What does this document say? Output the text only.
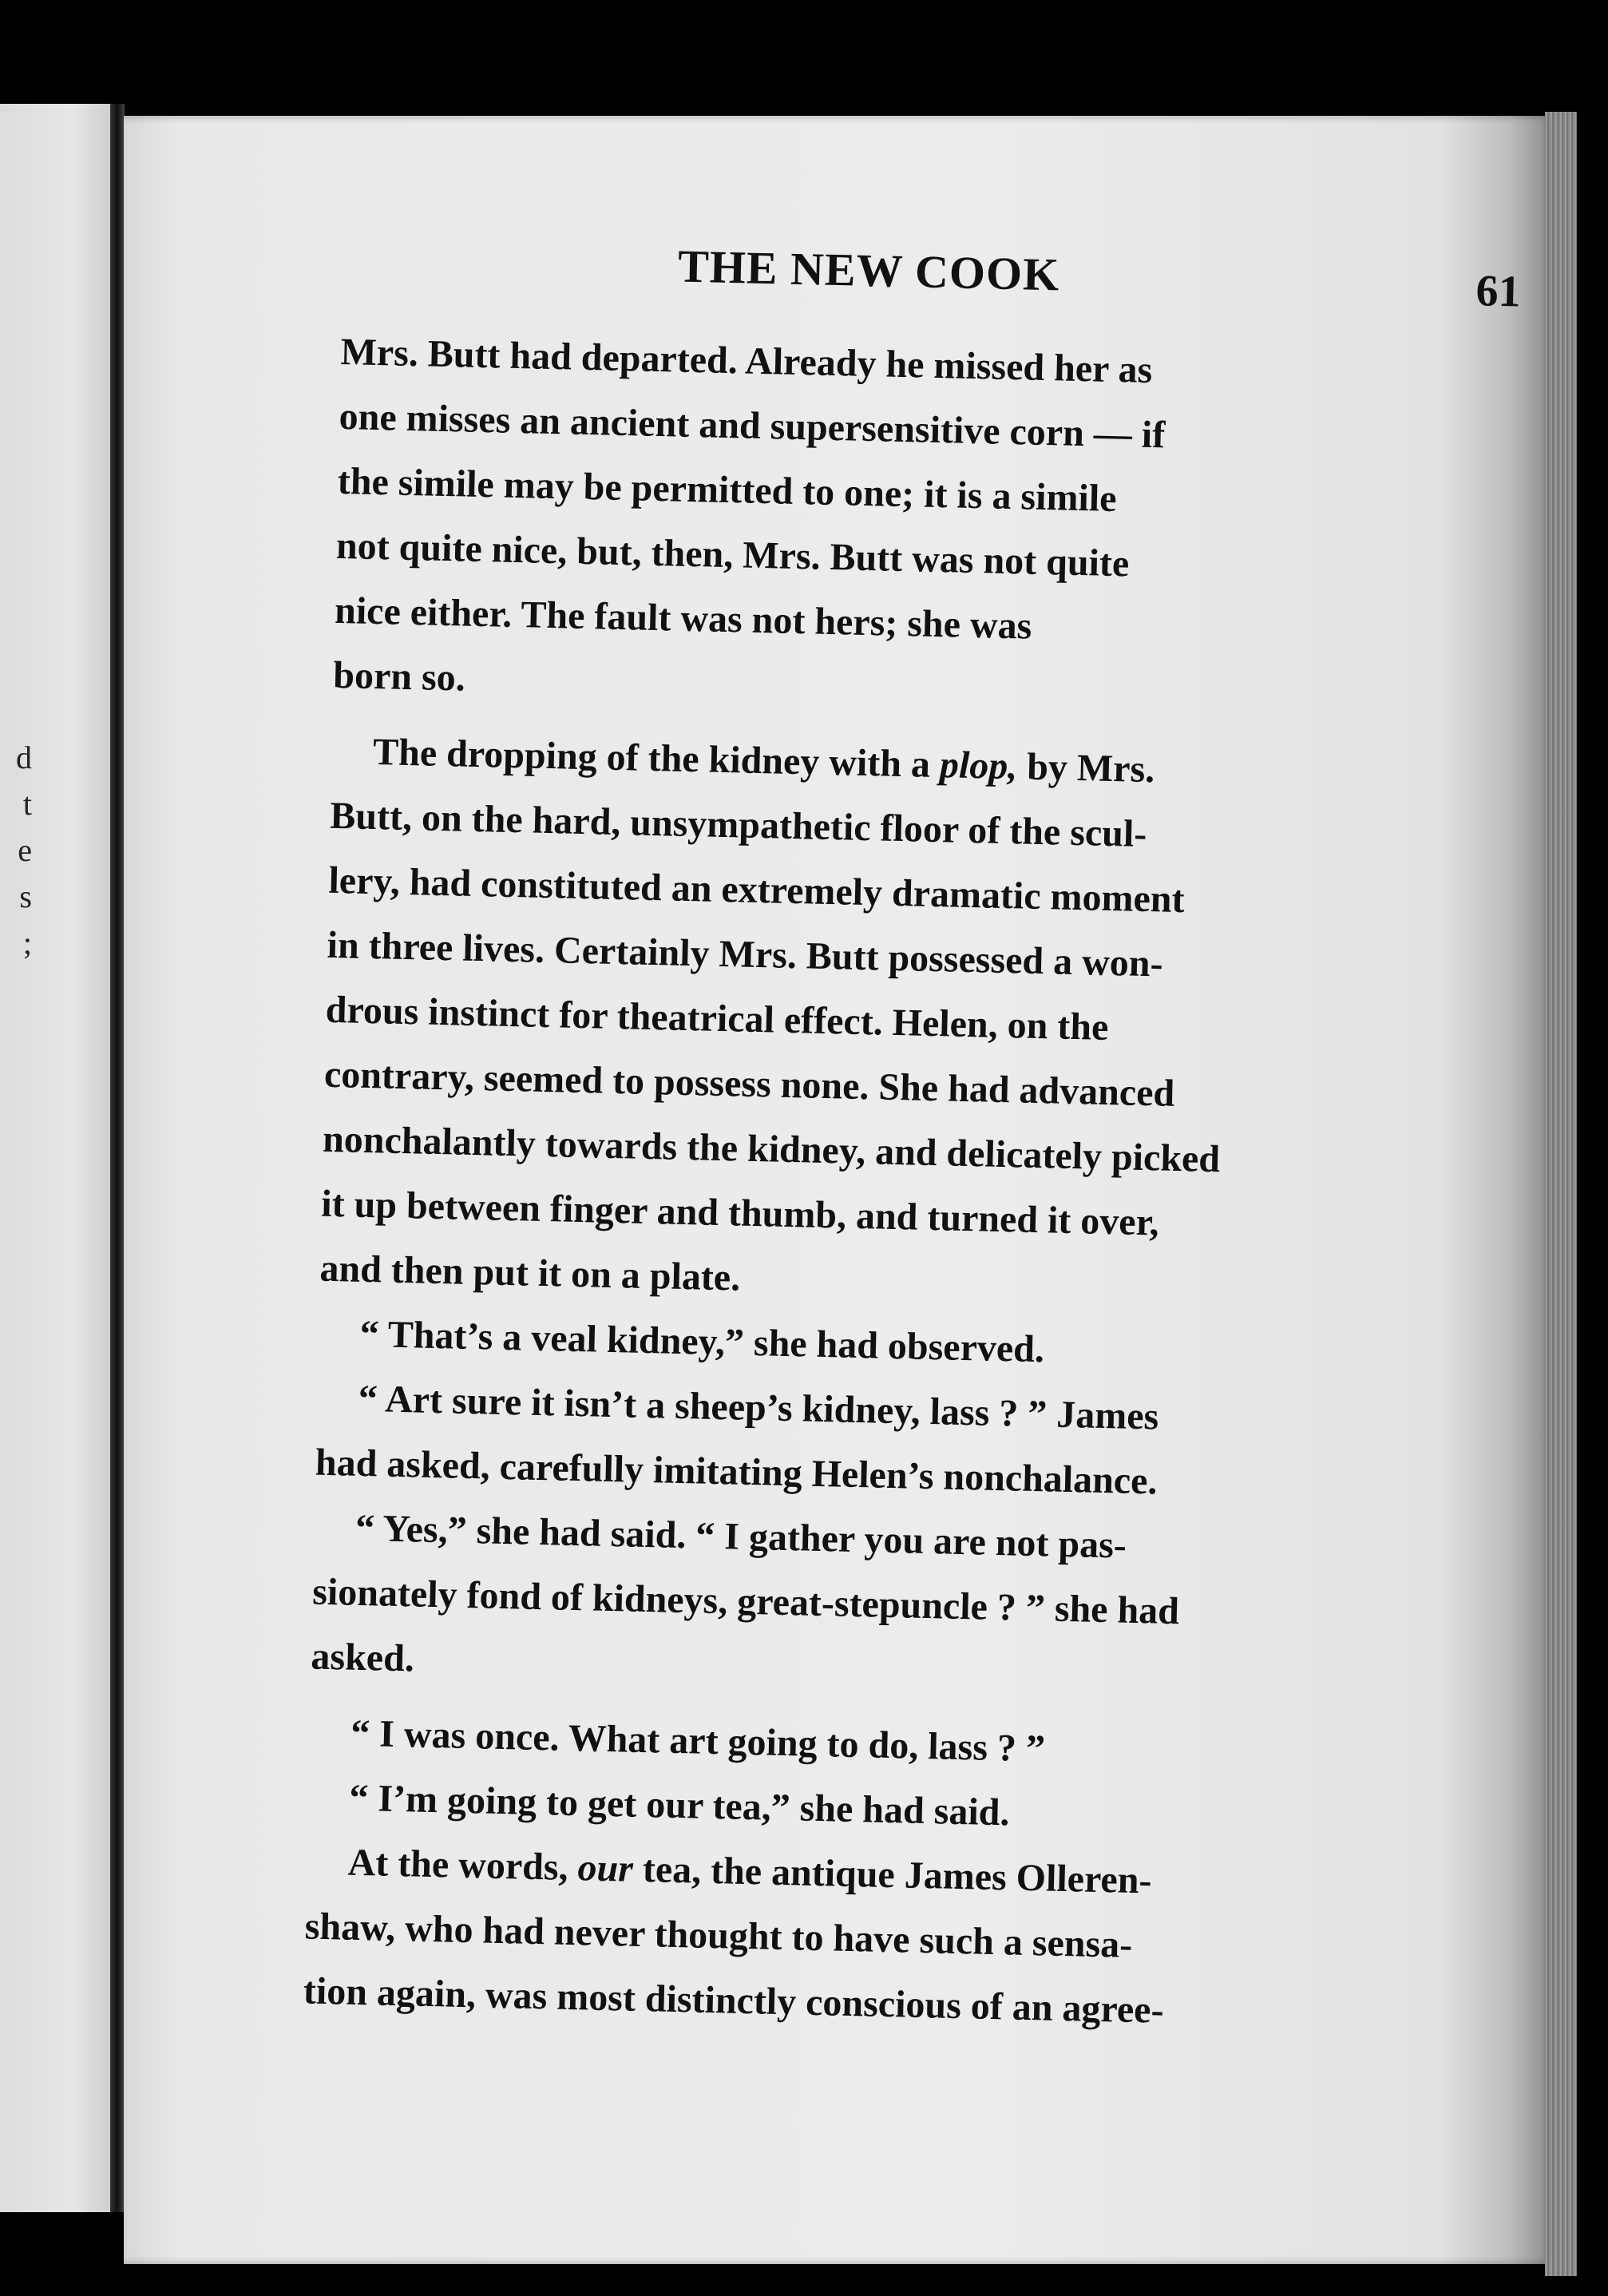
d
t
e
s
;
THE NEW COOK	61

Mrs. Butt had departed. Already he missed her as
one misses an ancient and supersensitive corn — if
the simile may be permitted to one; it is a simile
not quite nice, but, then, Mrs. Butt was not quite
nice either. The fault was not hers; she was
born so.

The dropping of the kidney with a plop, by Mrs.
Butt, on the hard, unsympathetic floor of the scul-
lery, had constituted an extremely dramatic moment
in three lives. Certainly Mrs. Butt possessed a won-
drous instinct for theatrical effect. Helen, on the
contrary, seemed to possess none. She had advanced
nonchalantly towards the kidney, and delicately picked
it up between finger and thumb, and turned it over,
and then put it on a plate.

“ That’s a veal kidney,” she had observed.

“ Art sure it isn’t a sheep’s kidney, lass ? ” James
had asked, carefully imitating Helen’s nonchalance.

“ Yes,” she had said. “ I gather you are not pas-
sionately fond of kidneys, great-stepuncle ? ” she had
asked.

“ I was once. What art going to do, lass ? ”

“ I’m going to get our tea,” she had said.

At the words, our tea, the antique James Olleren-
shaw, who had never thought to have such a sensa-
tion again, was most distinctly conscious of an agree-
